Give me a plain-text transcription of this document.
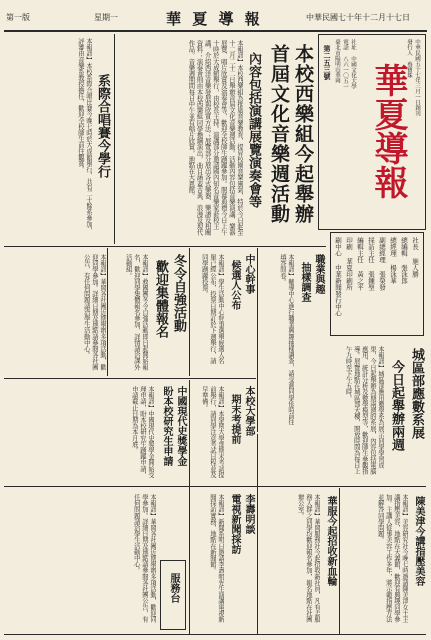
第一版	星期一	華 夏 導 報	中華民國七十年十二月十七日
華夏導報 中華民國五十七年三月一日創刊
發行人 蔡寶珠
社址 中國文化大學
電話 八六一〇五一
臺北市陽明山華岡
第二五三號
社長 施人勝
總編輯 張泳郎
總經理 楊泳華
副總經理 張榮發
採訪主任 張鍾聖
編輯主任 黃之平
印刷 華夏印刷所
刷中心 中華新聞發行中心
本校西樂組今起舉辦
首屆文化音樂週活動
內容包括演講展覽演奏會等
本報訊】本校西樂組為推廣音樂教育，提昇校園音樂風氣，特於今日起至十二月二十二日舉辦首屆文化音樂週活動。活動內容包括音樂演講、樂器展覽、唱片欣賞及演奏會等，歡迎全校師生踴躍參加。開幕典禮今日上午十時於大成館舉行，由校長主持。演講部分邀請國內知名音樂家蒞校主講，介紹西洋音樂發展與欣賞方法；展覽部分展出各式樂器、樂譜及相關資料；演奏會則由本校西樂組同學擔綱演出，曲目涵蓋古典、浪漫及現代作品。音樂週期間每日中午並有唱片欣賞，地點在大恩館。
系際合唱賽今學行
本報訊】本校系際合唱比賽今晚七時於大成館舉行，共有二十餘系參加，評審由音樂系教授擔任，歡迎全校師生前往觀賞。
職業與趣
抽樣調查
本報訊】輔導中心進行職業興趣抽樣調查，請受測同學依時前往填答問卷。
中心幹事
候選人公布
本報訊】學生活動中心幹事選舉候選人名單已經公布，投票日期訂於下週舉行，請同學踴躍投票。
冬令自強活動
歡迎集體報名
本報訊】救國團冬令自強活動即日起開始報名，歡迎同學集體報名參加，詳情請洽課外活動組。
本報訊】華岡各社團近期舉辦多項活動，歡迎同學參加。詳細日期及地點請參閱各社團公告，有任何問題請洽學生活動中心。
城區部應數系展
今日起舉辦兩週
本報訊】城區部應用數學系為展示同學學習成果，今日起舉辦為期兩週的系展，內容包括電腦應用、統計分析及數學模型等，歡迎師生參觀指導。展覽地點在城區部大樓，開放時間為每日上午九時至下午五時。
本校大學部
期末考提前
本報訊】本學期大學部期末考試提前舉行，請同學注意考試日程並及早準備。
中國現代史獎學金
盼本校研究生申請
本報訊】中國現代史獎學金開始受理申請，盼本校研究生踴躍申請，申請截止日期為本月底。
陳美津今講指壓美容
本報訊】美容研究社今晚七時邀請陳美津女士主講指壓美容，地點在大義館，歡迎有興趣同學參加。主講人從事美容工作多年，將示範指壓方法並解答同學問題。
華服今起招收新血輪
本報訊】華岡服務社今起招收新社員，凡有志服務人群之同學均歡迎報名參加，報名地點在社團辦公室。
李壽明談
電視新聞採訪
本報訊】新聞系明日邀請李壽明先生演講電視新聞採訪實務，地點在新聞館。
服務台
本報訊】華岡各社團近期舉辦多項活動，歡迎同學參加。詳細日期及地點請參閱各社團公告，有任何問題請洽學生活動中心。
